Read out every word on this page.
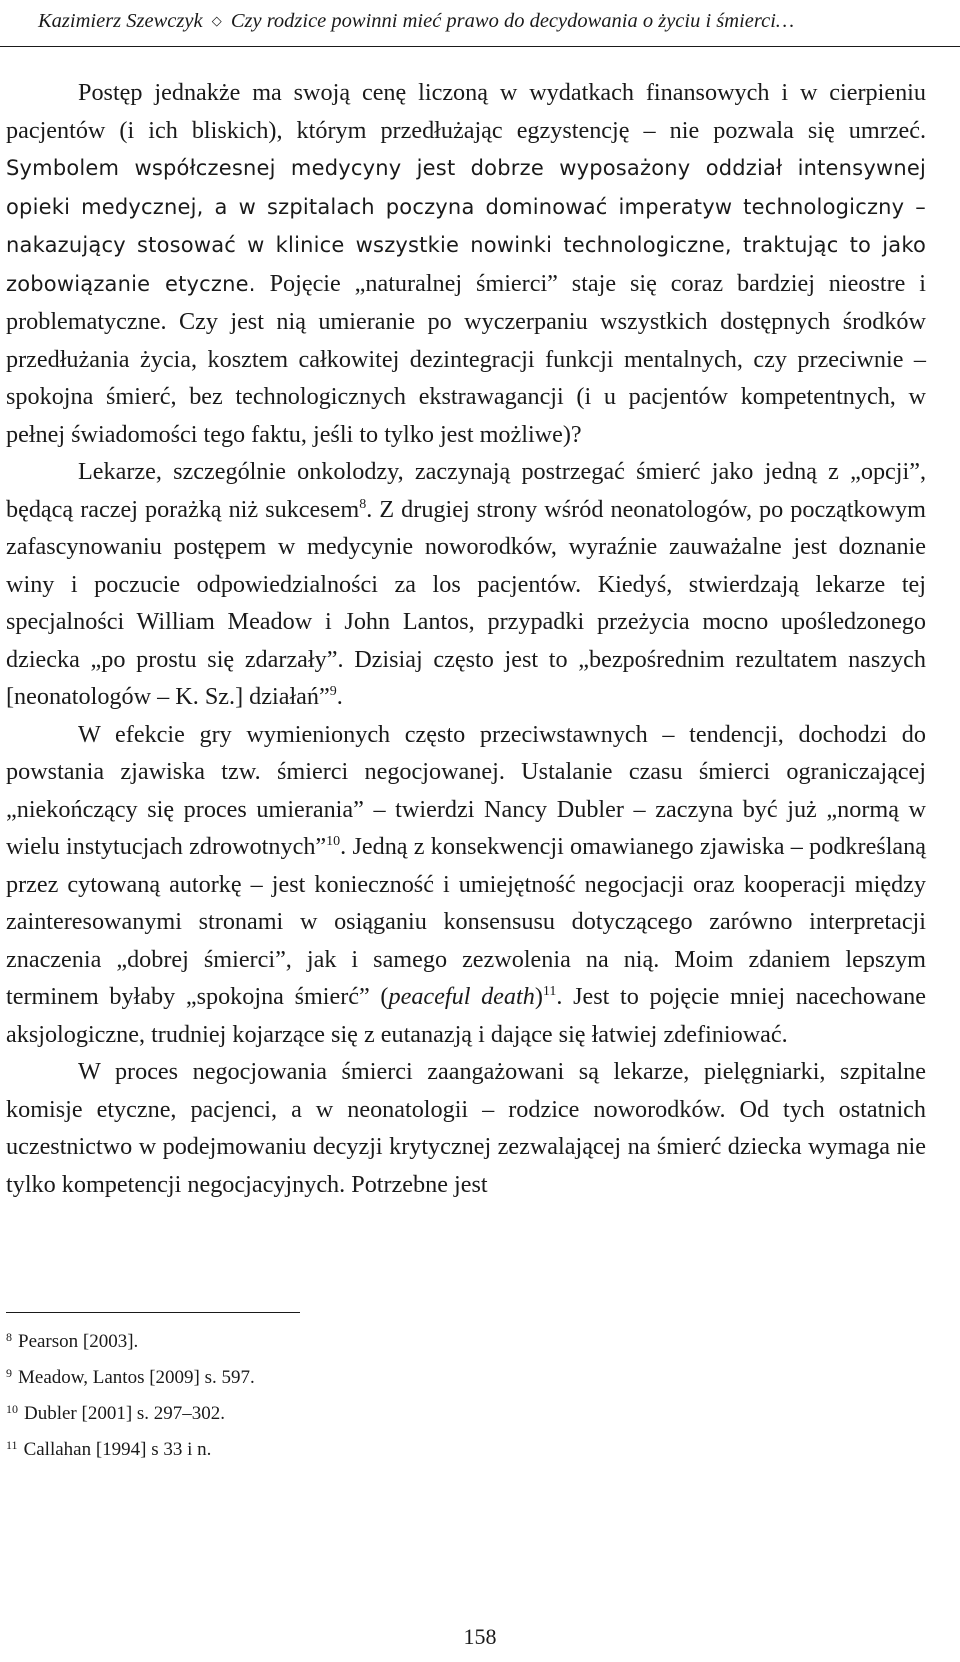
Kazimierz Szewczyk ◇ Czy rodzice powinni mieć prawo do decydowania o życiu i śmierci…

Postęp jednakże ma swoją cenę liczoną w wydatkach finansowych i w cierpieniu pacjentów (i ich bliskich), którym przedłużając egzystencję – nie pozwala się umrzeć. Symbolem współczesnej medycyny jest dobrze wyposażony oddział intensywnej opieki medycznej, a w szpitalach poczyna dominować imperatyw technologiczny – nakazujący stosować w klinice wszystkie nowinki technologiczne, traktując to jako zobowiązanie etyczne. Pojęcie „naturalnej śmierci” staje się coraz bardziej nieostre i problematyczne. Czy jest nią umieranie po wyczerpaniu wszystkich dostępnych środków przedłużania życia, kosztem całkowitej dezintegracji funkcji mentalnych, czy przeciwnie – spokojna śmierć, bez technologicznych ekstrawagancji (i u pacjentów kompetentnych, w pełnej świadomości tego faktu, jeśli to tylko jest możliwe)?

Lekarze, szczególnie onkolodzy, zaczynają postrzegać śmierć jako jedną z „opcji”, będącą raczej porażką niż sukcesem$^8$. Z drugiej strony wśród neonatologów, po początkowym zafascynowaniu postępem w medycynie noworodków, wyraźnie zauważalne jest doznanie winy i poczucie odpowiedzialności za los pacjentów. Kiedyś, stwierdzają lekarze tej specjalności William Meadow i John Lantos, przypadki przeżycia mocno upośledzonego dziecka „po prostu się zdarzały”. Dzisiaj często jest to „bezpośrednim rezultatem naszych [neonatologów – K. Sz.] działań”$^9$.

W efekcie gry wymienionych często przeciwstawnych – tendencji, dochodzi do powstania zjawiska tzw. śmierci negocjowanej. Ustalanie czasu śmierci ograniczającej „niekończący się proces umierania” – twierdzi Nancy Dubler – zaczyna być już „normą w wielu instytucjach zdrowotnych”$^{10}$. Jedną z konsekwencji omawianego zjawiska – podkreślaną przez cytowaną autorkę – jest konieczność i umiejętność negocjacji oraz kooperacji między zainteresowanymi stronami w osiąganiu konsensusu dotyczącego zarówno interpretacji znaczenia „dobrej śmierci”, jak i samego zezwolenia na nią. Moim zdaniem lepszym terminem byłaby „spokojna śmierć” (peaceful death)$^{11}$. Jest to pojęcie mniej nacechowane aksjologiczne, trudniej kojarzące się z eutanazją i dające się łatwiej zdefiniować.

W proces negocjowania śmierci zaangażowani są lekarze, pielęgniarki, szpitalne komisje etyczne, pacjenci, a w neonatologii – rodzice noworodków. Od tych ostatnich uczestnictwo w podejmowaniu decyzji krytycznej zezwalającej na śmierć dziecka wymaga nie tylko kompetencji negocjacyjnych. Potrzebne jest

$^8$ Pearson [2003].
$^9$ Meadow, Lantos [2009] s. 597.
$^{10}$ Dubler [2001] s. 297–302.
$^{11}$ Callahan [1994] s 33 i n.
158
